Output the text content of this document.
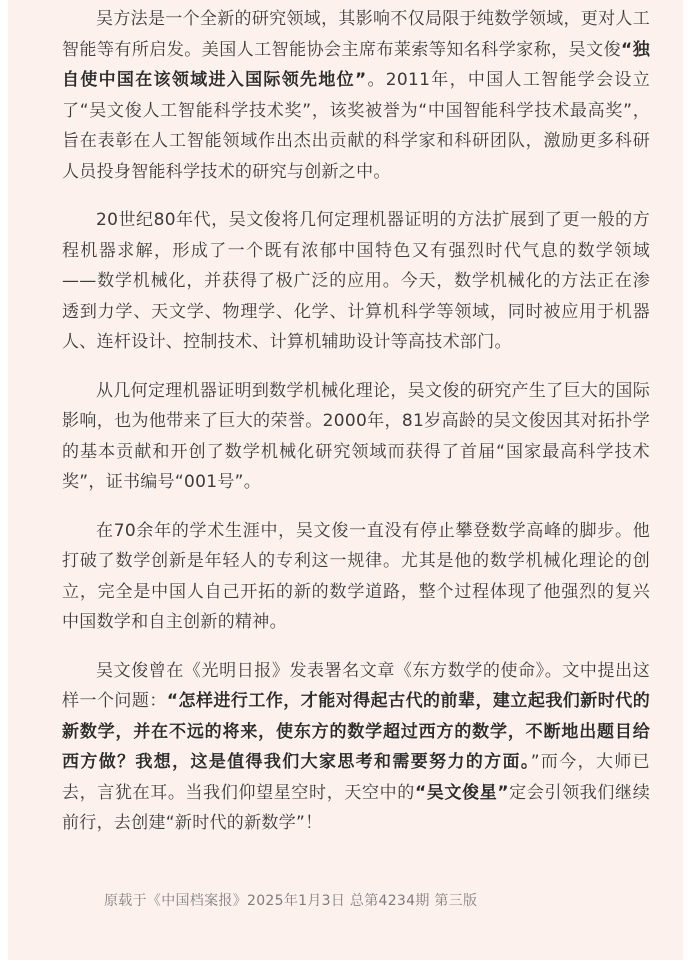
吴方法是一个全新的研究领域，其影响不仅局限于纯数学领域，更对人工智能等有所启发。美国人工智能协会主席布莱索等知名科学家称，吴文俊“独自使中国在该领域进入国际领先地位”。2011年，中国人工智能学会设立了“吴文俊人工智能科学技术奖”，该奖被誉为“中国智能科学技术最高奖”，旨在表彰在人工智能领域作出杰出贡献的科学家和科研团队，激励更多科研人员投身智能科学技术的研究与创新之中。

20世纪80年代，吴文俊将几何定理机器证明的方法扩展到了更一般的方程机器求解，形成了一个既有浓郁中国特色又有强烈时代气息的数学领域——数学机械化，并获得了极广泛的应用。今天，数学机械化的方法正在渗透到力学、天文学、物理学、化学、计算机科学等领域，同时被应用于机器人、连杆设计、控制技术、计算机辅助设计等高技术部门。

从几何定理机器证明到数学机械化理论，吴文俊的研究产生了巨大的国际影响，也为他带来了巨大的荣誉。2000年，81岁高龄的吴文俊因其对拓扑学的基本贡献和开创了数学机械化研究领域而获得了首届“国家最高科学技术奖”，证书编号“001号”。

在70余年的学术生涯中，吴文俊一直没有停止攀登数学高峰的脚步。他打破了数学创新是年轻人的专利这一规律。尤其是他的数学机械化理论的创立，完全是中国人自己开拓的新的数学道路，整个过程体现了他强烈的复兴中国数学和自主创新的精神。

吴文俊曾在《光明日报》发表署名文章《东方数学的使命》。文中提出这样一个问题：“怎样进行工作，才能对得起古代的前辈，建立起我们新时代的新数学，并在不远的将来，使东方的数学超过西方的数学，不断地出题目给西方做？我想，这是值得我们大家思考和需要努力的方面。”而今，大师已去，言犹在耳。当我们仰望星空时，天空中的“吴文俊星”定会引领我们继续前行，去创建“新时代的新数学”！

原载于《中国档案报》2025年1月3日 总第4234期 第三版
